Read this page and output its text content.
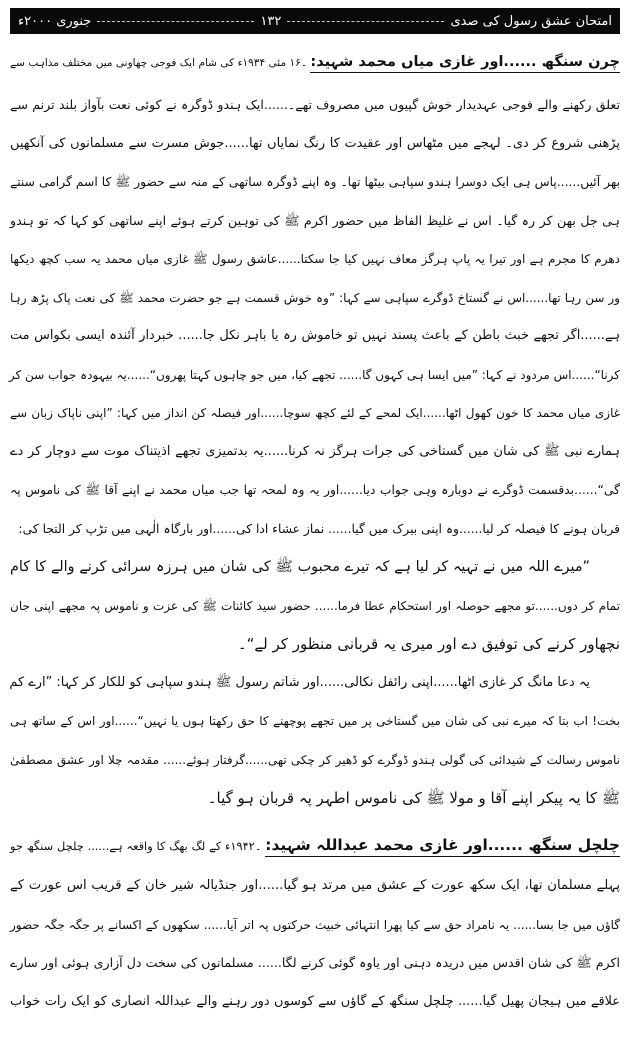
امتحان عشق رسول کی صدی
۱۳۲
جنوری ۲۰۰۰ء
چرن سنگھ ......اور غازی میاں محمد شہید: ۔۱۶ مئی ۱۹۳۴ء کی شام ایک فوجی چھاونی میں مختلف مذاہب سے
تعلق رکھنے والے فوجی عہدیدار خوش گپیوں میں مصروف تھے۔......ایک ہندو ڈوگرہ نے کوئی نعت بآواز بلند ترنم سے
پڑھنی شروع کر دی۔ لہجے میں مٹھاس اور عقیدت کا رنگ نمایاں تھا......جوش مسرت سے مسلمانوں کی آنکھیں
بھر آئیں......پاس ہی ایک دوسرا ہندو سپاہی بیٹھا تھا۔ وہ اپنے ڈوگرہ ساتھی کے منہ سے حضور ﷺ کا اسم گرامی سنتے
ہی جل بھن کر رہ گیا۔ اس نے غلیظ الفاظ میں حضور اکرم ﷺ کی توہین کرتے ہوئے اپنے ساتھی کو کہا کہ تو ہندو
دھرم کا مجرم ہے اور تیرا یہ پاپ ہرگز معاف نہیں کیا جا سکتا......عاشق رسول ﷺ غازی میاں محمد یہ سب کچھ دیکھا
ور سن رہا تھا......اس نے گستاخ ڈوگرے سپاہی سے کہا: ”وہ خوش قسمت ہے جو حضرت محمد ﷺ کی نعت پاک پڑھ رہا
ہے......اگر تجھے خبث باطن کے باعث پسند نہیں تو خاموش رہ یا باہر نکل جا...... خبردار آئندہ ایسی بکواس مت
کرنا“......اس مردود نے کہا: ”میں ایسا ہی کہوں گا...... تجھے کیا، میں جو چاہوں کہتا پھروں“......یہ بیہودہ جواب سن کر
غازی میاں محمد کا خون کھول اٹھا......ایک لمحے کے لئے کچھ سوچا......اور فیصلہ کن انداز میں کہا: ”اپنی ناپاک زبان سے
ہمارے نبی ﷺ کی شان میں گستاخی کی جرات ہرگز نہ کرنا......یہ بدتمیزی تجھے اذیتناک موت سے دوچار کر دے
گی“......بدقسمت ڈوگرے نے دوبارہ وہی جواب دیا......اور یہ وہ لمحہ تھا جب میاں محمد نے اپنے آقا ﷺ کی ناموس پہ
قربان ہونے کا فیصلہ کر لیا......وہ اپنی بیرک میں گیا...... نماز عشاء ادا کی......اور بارگاہ الٰہی میں تڑپ کر التجا کی:
”میرے اللہ میں نے تہیہ کر لیا ہے کہ تیرے محبوب ﷺ کی شان میں ہرزہ سرائی کرنے والے کا کام
تمام کر دوں......تو مجھے حوصلہ اور استحکام عطا فرما...... حضور سید کائنات ﷺ کی عزت و ناموس پہ مجھے اپنی جان
نچھاور کرنے کی توفیق دے اور میری یہ قربانی منظور کر لے“۔
یہ دعا مانگ کر غازی اٹھا......اپنی رائفل نکالی......اور شاتم رسول ﷺ ہندو سپاہی کو للکار کر کہا: ”ارے کم
بخت! اب بتا کہ میرے نبی کی شان میں گستاخی پر میں تجھے پوچھنے کا حق رکھتا ہوں یا نہیں“......اور اس کے ساتھ ہی
ناموس رسالت کے شیدائی کی گولی ہندو ڈوگرے کو ڈھیر کر چکی تھی......گرفتار ہوئے...... مقدمہ چلا اور عشق مصطفیٰ
ﷺ کا یہ پیکر اپنے آقا و مولا ﷺ کی ناموس اطہر پہ قربان ہو گیا۔
چلچل سنگھ ......اور غازی محمد عبداللہ شہید: ۔۱۹۴۲ء کے لگ بھگ کا واقعہ ہے...... چلچل سنگھ جو
پہلے مسلمان تھا، ایک سکھ عورت کے عشق میں مرتد ہو گیا......اور جنڈیالہ شیر خان کے قریب اس عورت کے
گاؤں میں جا بسا...... یہ نامراد حق سے کیا پھرا انتہائی خبیث حرکتوں پہ اتر آیا...... سکھوں کے اکسانے پر جگہ جگہ حضور
اکرم ﷺ کی شان اقدس میں دریدہ دہنی اور یاوہ گوئی کرنے لگا...... مسلمانوں کی سخت دل آزاری ہوئی اور سارے
علاقے میں ہیجان پھیل گیا...... چلچل سنگھ کے گاؤں سے کوسوں دور رہنے والے عبداللہ انصاری کو ایک رات خواب
